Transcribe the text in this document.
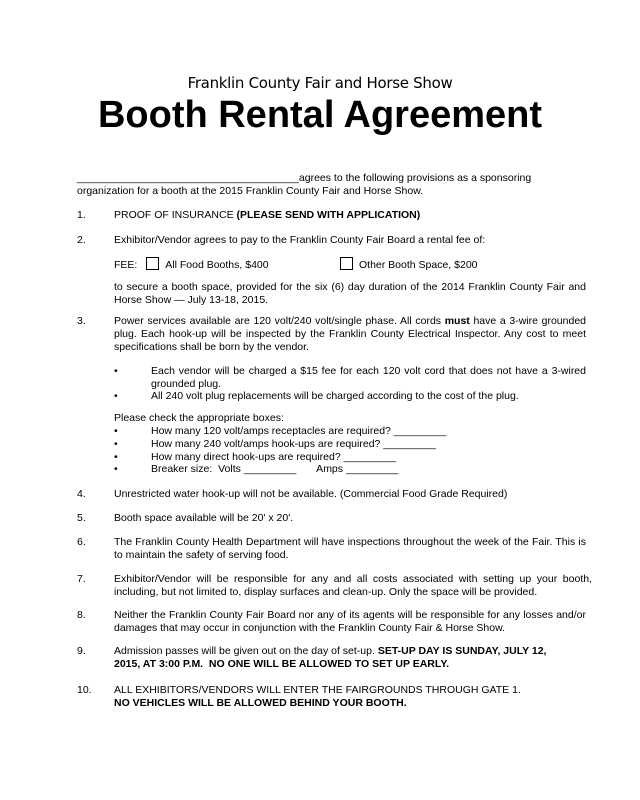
Franklin County Fair and Horse Show
Booth Rental Agreement
______________________________________agrees to the following provisions as a sponsoring
organization for a booth at the 2015 Franklin County Fair and Horse Show.
1.	PROOF OF INSURANCE (PLEASE SEND WITH APPLICATION)
2.	Exhibitor/Vendor agrees to pay to the Franklin County Fair Board a rental fee of:
FEE:	All Food Booths, $400	Other Booth Space, $200
to secure a booth space, provided for the six (6) day duration of the 2014 Franklin County Fair and Horse Show — July 13-18, 2015.
3.	Power services available are 120 volt/240 volt/single phase. All cords must have a 3-wire grounded plug. Each hook-up will be inspected by the Franklin County Electrical Inspector. Any cost to meet specifications shall be born by the vendor.
•	Each vendor will be charged a $15 fee for each 120 volt cord that does not have a 3-wired grounded plug.
•	All 240 volt plug replacements will be charged according to the cost of the plug.
Please check the appropriate boxes:
•	How many 120 volt/amps receptacles are required? _________
•	How many 240 volt/amps hook-ups are required? _________
•	How many direct hook-ups are required? _________
•	Breaker size:  Volts _________       Amps _________
4.	Unrestricted water hook-up will not be available. (Commercial Food Grade Required)
5.	Booth space available will be 20' x 20'.
6.	The Franklin County Health Department will have inspections throughout the week of the Fair. This is to maintain the safety of serving food.
7.	Exhibitor/Vendor will be responsible for any and all costs associated with setting up your booth, including, but not limited to, display surfaces and clean-up. Only the space will be provided.
8.	Neither the Franklin County Fair Board nor any of its agents will be responsible for any losses and/or damages that may occur in conjunction with the Franklin County Fair & Horse Show.
9.	Admission passes will be given out on the day of set-up. SET-UP DAY IS SUNDAY, JULY 12,
2015, AT 3:00 P.M.  NO ONE WILL BE ALLOWED TO SET UP EARLY.
10. ALL EXHIBITORS/VENDORS WILL ENTER THE FAIRGROUNDS THROUGH GATE 1.
NO VEHICLES WILL BE ALLOWED BEHIND YOUR BOOTH.
